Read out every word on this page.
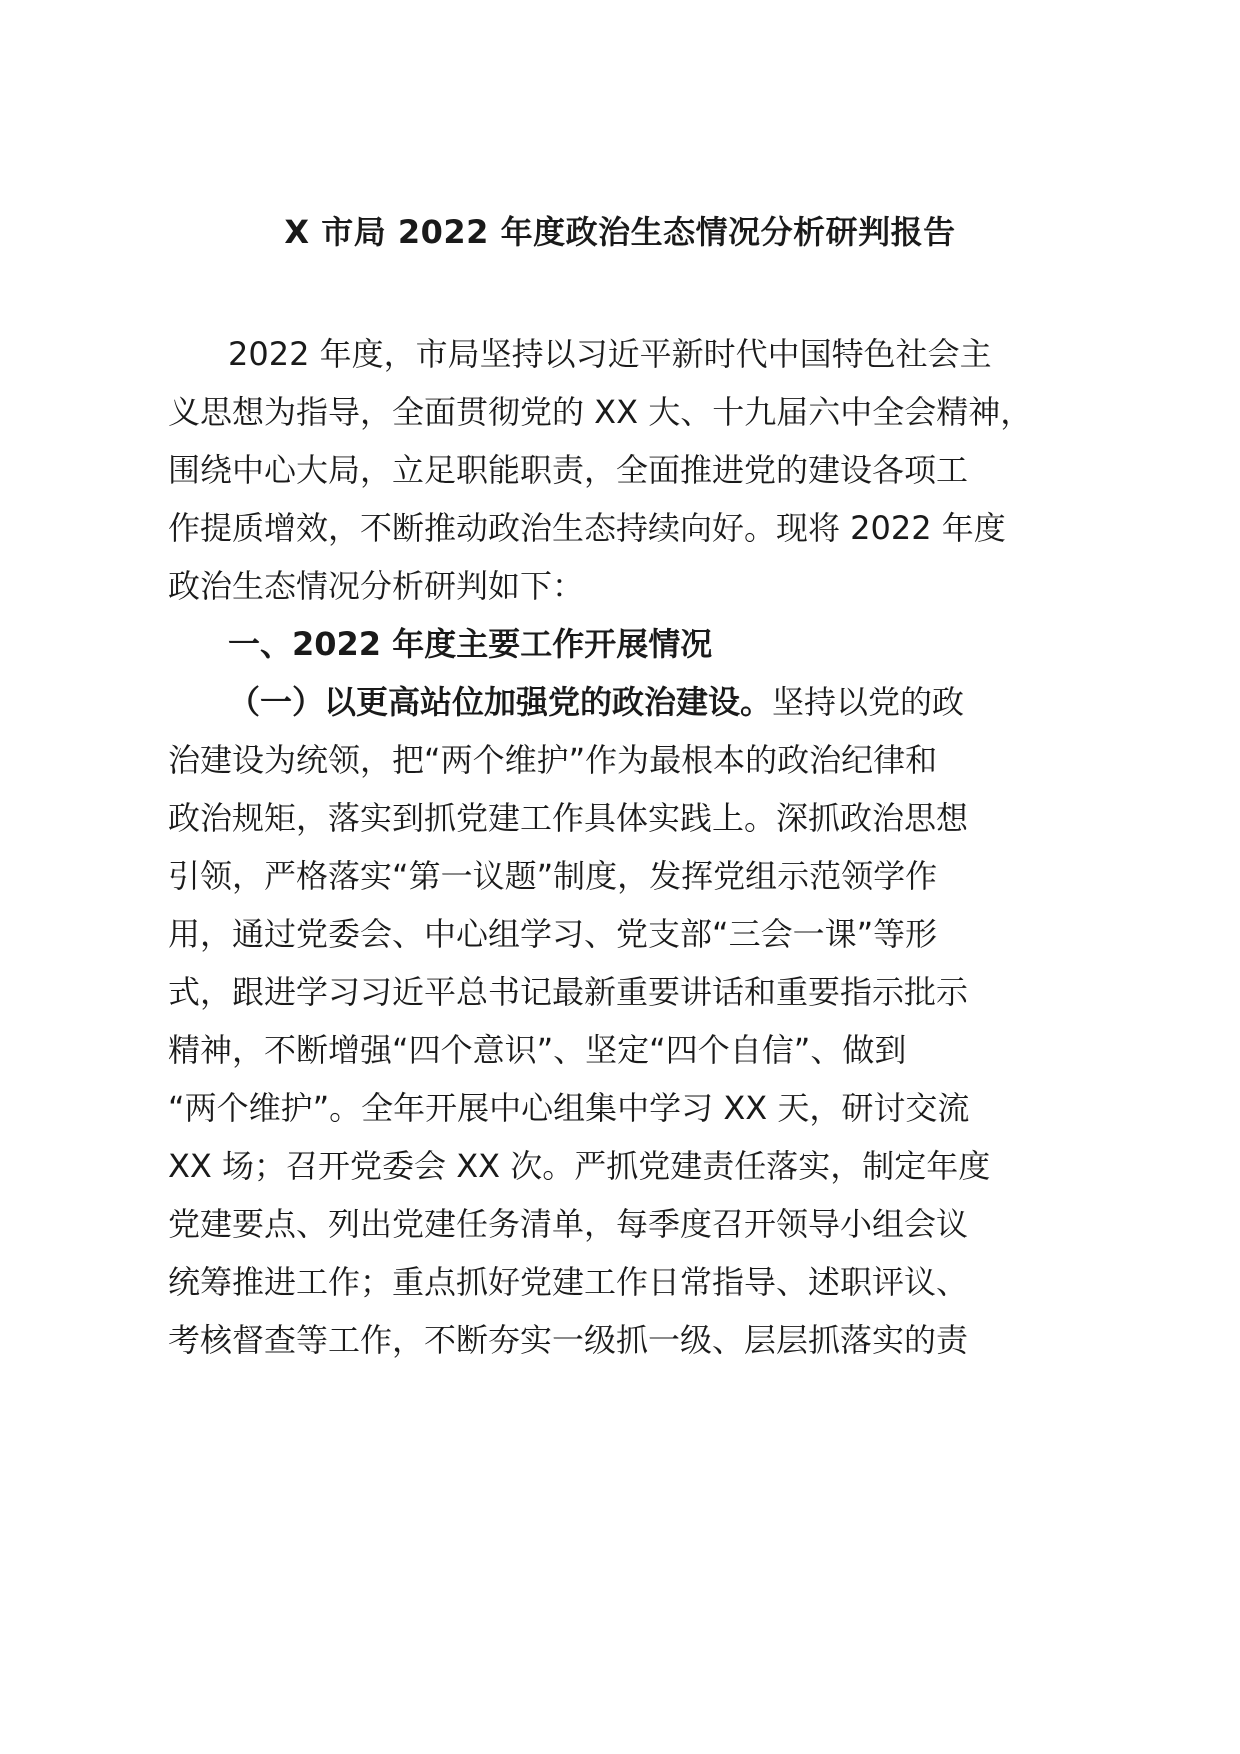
X 市局 2022 年度政治生态情况分析研判报告

2022 年度，市局坚持以习近平新时代中国特色社会主

义思想为指导，全面贯彻党的 XX 大、十九届六中全会精神，

围绕中心大局，立足职能职责，全面推进党的建设各项工

作提质增效，不断推动政治生态持续向好。现将 2022 年度

政治生态情况分析研判如下：

一、2022 年度主要工作开展情况

（一）以更高站位加强党的政治建设。坚持以党的政

治建设为统领，把“两个维护”作为最根本的政治纪律和

政治规矩，落实到抓党建工作具体实践上。深抓政治思想

引领，严格落实“第一议题”制度，发挥党组示范领学作

用，通过党委会、中心组学习、党支部“三会一课”等形

式，跟进学习习近平总书记最新重要讲话和重要指示批示

精神，不断增强“四个意识”、坚定“四个自信”、做到

“两个维护”。全年开展中心组集中学习 XX 天，研讨交流

XX 场；召开党委会 XX 次。严抓党建责任落实，制定年度

党建要点、列出党建任务清单，每季度召开领导小组会议

统筹推进工作；重点抓好党建工作日常指导、述职评议、

考核督查等工作，不断夯实一级抓一级、层层抓落实的责
